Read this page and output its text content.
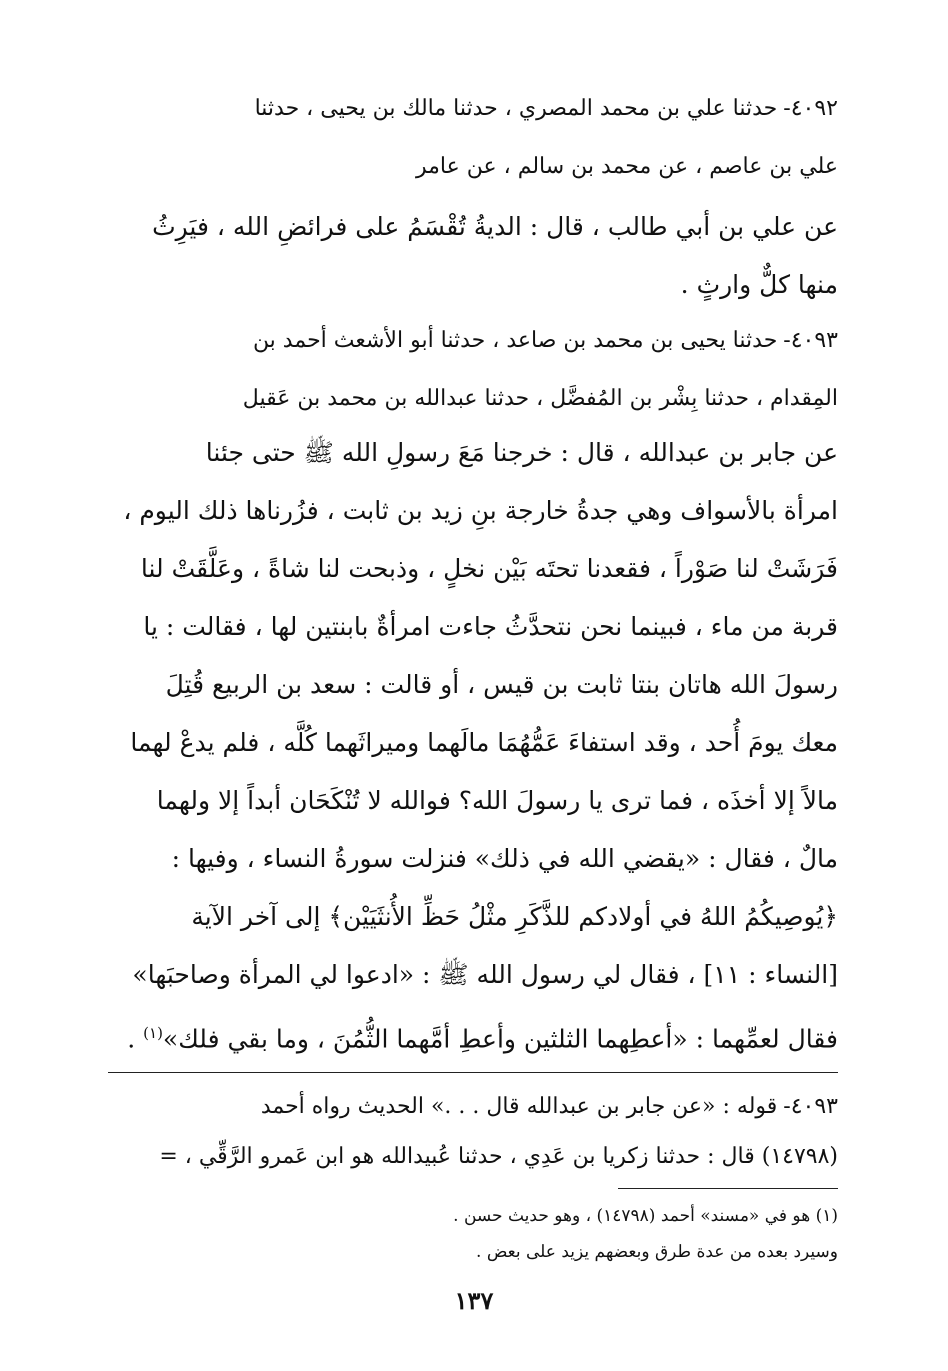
٤٠٩٢-حدثنا علي بن محمد المصري ، حدثنا مالك بن يحيى ، حدثنا
علي بن عاصم ، عن محمد بن سالم ، عن عامر
عن علي بن أبي طالب ، قال : الديةُ تُقْسَمُ على فرائضِ الله ، فيَرِثُ
منها كلٌّ وارثٍ .
٤٠٩٣-حدثنا يحيى بن محمد بن صاعد ، حدثنا أبو الأشعث أحمد بن
المِقدام ، حدثنا بِشْر بن المُفضَّل ، حدثنا عبدالله بن محمد بن عَقيل
عن جابر بن عبدالله ، قال : خرجنا مَعَ رسولِ الله ﷺ حتى جئنا
امرأة بالأسواف وهي جدةُ خارجة بنِ زيد بن ثابت ، فزُرناها ذلك اليوم ،
فَرَشَتْ لنا صَوْراً ، فقعدنا تحتَه بَيْن نخلٍ ، وذبحت لنا شاةً ، وعَلَّقَتْ لنا
قربة من ماء ، فبينما نحن نتحدَّثُ جاءت امرأةٌ بابنتين لها ، فقالت : يا
رسولَ الله هاتان بنتا ثابت بن قيس ، أو قالت : سعد بن الربيع قُتِلَ
معك يومَ أُحد ، وقد استفاءَ عَمُّهُمَا مالَهما وميراثَهما كُلَّه ، فلم يدعْ لهما
مالاً إلا أخذَه ، فما ترى يا رسولَ الله؟ فوالله لا تُنْكَحَان أبداً إلا ولهما
مالٌ ، فقال : «يقضي الله في ذلك» فنزلت سورةُ النساء ، وفيها :
﴿يُوصِيكُمُ اللهُ في أولادكم للذَّكَرِ مثْلُ حَظِّ الأُنثَيَيْن﴾ إلى آخر الآية
[النساء : ١١] ، فقال لي رسول الله ﷺ : «ادعوا لي المرأة وصاحبَها»
فقال لعمِّهما : «أعطِهما الثلثين وأعطِ أمَّهما الثُّمُنَ ، وما بقي فلك»$^{(١)}$ .
٤٠٩٣-قوله : «عن جابر بن عبدالله قال . . .» الحديث رواه أحمد
(١٤٧٩٨) قال : حدثنا زكريا بن عَدِي ، حدثنا عُبيدالله هو ابن عَمرو الرَّقِّي ، =
(١) هو في «مسند» أحمد (١٤٧٩٨) ، وهو حديث حسن .
وسيرد بعده من عدة طرق وبعضهم يزيد على بعض .
١٣٧
